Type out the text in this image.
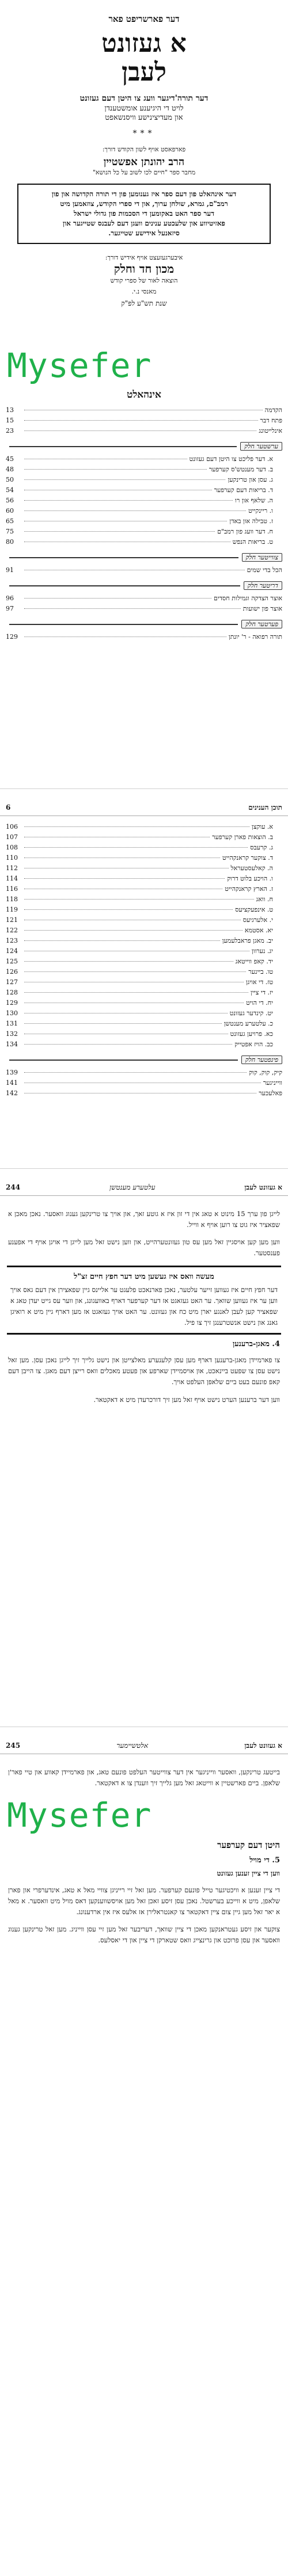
דער פארשריפט פאר
א געזונט
לעבן
דער תורה'דיגער וועג צו היטן דעם געזונט
לויט די היגיענע אומשטענדן
און מעדיצינישע וויסנשאפט
***
פארפאסט אויף לשון הקודש דורך:
הרב יהונתן אפשטיין
מחבר ספר "חיים לכו לשוב על כל הנושא"
דער אינהאלט פון דעם ספר איז גענומען פון די תורה הקדושה און פון
רמב"ם, גמרא, שולחן ערוך, און די ספרי הקודש, צוזאמען מיט
דער ספר האט באקומען די הסכמות פון גדולי ישראל
פאזיטיווע און שלעכטע ענינים וועגן דעם לעבנס שטייגער און
סיזאנעל אידישע שטייגער.
איבערגעזעצט אויף אידיש דורך:
מכון חד וחלק
הוצאה לאור של ספרי קודש
מאנסי נ.י.
שנת תש"ע לפ"ק
Mysefer
אינהאלט
הקדמה
13
פתח דבר
15
אינלייטונג
23
ערשטער חלק
א. דער פליכט צו היטן דעם געזונט
45
ב. דער מענטש'ס קערפער
48
ג. עסן און טרינקען
50
ד. בריאות דעם קערפער
54
ה. שלאף און רו
56
ו. ריינקייט
60
ז. טבילה און באדן
65
ח. דער וועג פון רמב"ם
75
ט. בריאות הנפש
80
צווייטער חלק
הכל בדי שמים
91
דריטער חלק
אוצר הצדקה וגמילות חסדים
96
אוצר פון ישועות
97
פערטער חלק
תורה רפואה - ר' יונתן
129
תוכן הענינים
6
א. עוקצן
106
ב. הוצאות פארן קערפער
107
ג. קרעבס
108
ד. צוקער קראנקהייט
110
ה. קאלעסטעראל
112
ו. הויכע בלוט דרוק
114
ז. הארץ קראנקהייט
116
ח. וואג
118
ט. אינפעקציעס
119
י. אלערגיעס
121
יא. אסטמא
122
יב. מאגן פראבלעמען
123
יג. נערוון
124
יד. קאפ ווייטאג
125
טו. ביינער
126
טז. די אויגן
127
יז. די ציין
128
יח. די הויט
129
יט. קינדער געזונט
130
כ. עלטערע מענטשן
131
כא. פרויען געזונט
132
כב. הויז אפטייק
134
פינפטער חלק
קיק, קוק, קוק
139
ווייניגער
141
פאלעכער
142
א געזונט לעבן
עלטערע מענטשן
244

לייגן פון ערך 15 מינוט א טאג אין די זון איז א גוטע זאך, און אויך צו טרינקען גענוג וואסער. נאכן מאכן א שפאציר איז גוט צו רוען אויף א ווייל.

ווען מען קען אויסגיין זאל מען עס טון געזונטערהייט, און ווען נישט זאל מען לייגן די אויגן אויף די אפענע פענסטער.

מעשה וואס איז געשען מיט דער חפץ חיים זצ"ל
דער חפץ חיים איז געווען זייער עלטער, נאכן פארנאכט פלעגט ער אליינס גיין שפאצירן אין דעם גאס אויך ווען ער איז געווען שוואך. ער האט געזאגט אז דער קערפער דארף באוועגונג, און ווער עס גייט יעדן טאג א שפאציר קען לעבן לאנגע יארן מיט כח און געזונט. ער האט אויך געזאגט אז מען דארף גיין מיט א רואיגן גאנג און נישט אנשטרענגן זיך צו פיל.
4. מאגן-ברענען

צו פארמיידן מאגן-ברענען דארף מען עסן קלענערע מאלצייטן און נישט גלייך זיך לייגן נאכן עסן. מען זאל נישט עסן צו שפעט ביינאכט, און אויסמיידן שארפע און פעטע מאכלים וואס רייצן דעם מאגן. צו הייבן דעם קאפ פונעם בעט ביים שלאפן העלפט אויך.

ווען דער ברענען הערט נישט אויף זאל מען זיך דורכרעדן מיט א דאקטאר.

א געזונט לעבן
אלטשיימער
245

בייטעג טרינקען, וואסער ווייניגער אין דער צווייטער העלפט פונעם טאג, און פארמיידן קאווע און טיי פאר'ן שלאפן. ביים פארשטיין א ווייטאג זאל מען גלייך זיך ווענדן צו א דאקטאר.

Mysefer
היטן דעם קערפער
5. די מויל
ווען די ציין זענען געזונט

די ציין זענען א וויכטיגער טייל פונעם קערפער. מען זאל זיי רייניגן צוויי מאל א טאג, אינדערפרי און פארן שלאפן, מיט א ווייכע בערשטל. נאכן עסן זיסע זאכן זאל מען אויסשווענקען דאס מויל מיט וואסער. א מאל א יאר זאל מען גיין צום ציין דאקטאר צו קאנטראלירן אז אלעס איז אין ארדענונג.

צוקער און זיסע געטראנקען מאכן די ציין שוואך, דעריבער זאל מען זיי עסן ווייניג. מען זאל טרינקען גענוג וואסער און עסן פרוכט און גרינצייג וואס שטארקן די ציין און די יאסלעס.
